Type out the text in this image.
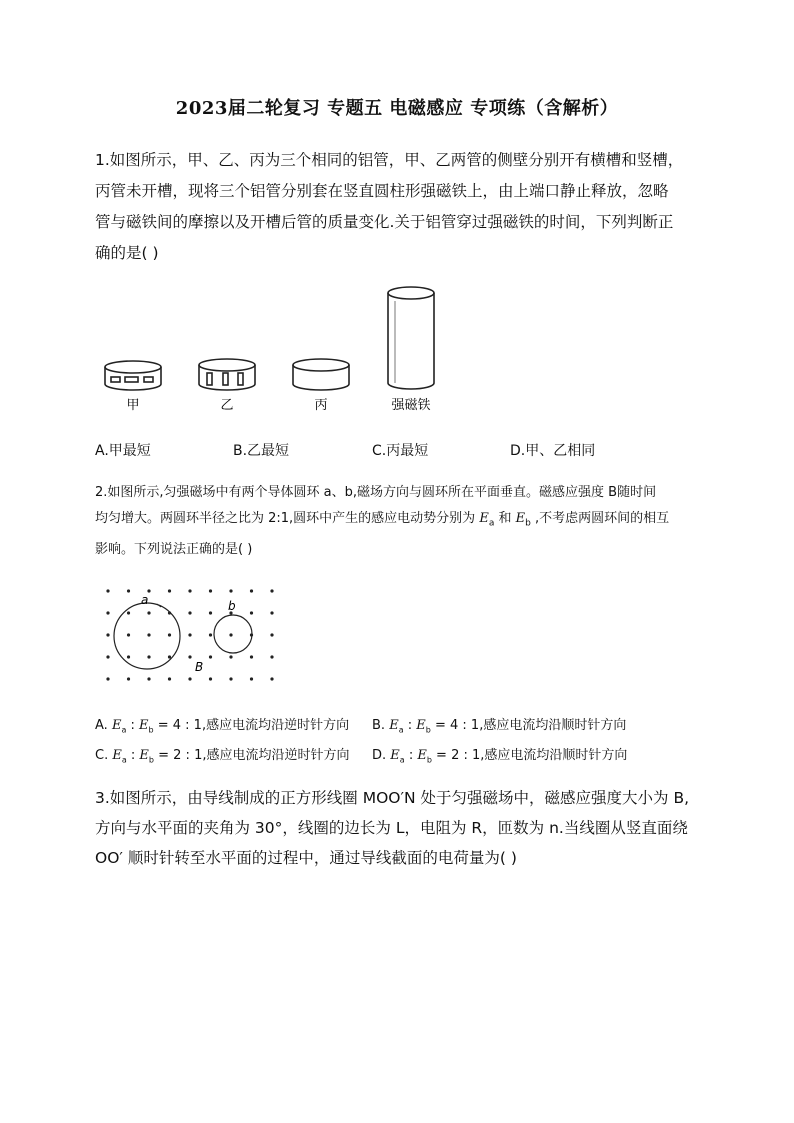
2023届二轮复习 专题五 电磁感应 专项练（含解析）
1.如图所示，甲、乙、丙为三个相同的铝管，甲、乙两管的侧壁分别开有横槽和竖槽，
丙管未开槽，现将三个铝管分别套在竖直圆柱形强磁铁上，由上端口静止释放，忽略
管与磁铁间的摩擦以及开槽后管的质量变化.关于铝管穿过强磁铁的时间，下列判断正
确的是( )
甲	乙	丙	强磁铁
A.甲最短	B.乙最短	C.丙最短	D.甲、乙相同
2.如图所示,匀强磁场中有两个导体圆环 a、b,磁场方向与圆环所在平面垂直。磁感应强度 B随时间
均匀增大。两圆环半径之比为 2:1,圆环中产生的感应电动势分别为 $E_a$ 和 $E_b$ ,不考虑两圆环间的相互
影响。下列说法正确的是( )
a	b
B
A. $E_a$ : $E_b = 4$ : 1,感应电流均沿逆时针方向 B. $E_a$ : $E_b = 4$ : 1,感应电流均沿顺时针方向
C. $E_a$ : $E_b = 2$ : 1,感应电流均沿逆时针方向 D. $E_a$ : $E_b = 2$ : 1,感应电流均沿顺时针方向
3.如图所示，由导线制成的正方形线圈 MOO′N 处于匀强磁场中，磁感应强度大小为 B,
方向与水平面的夹角为 30°，线圈的边长为 L，电阻为 R，匝数为 n.当线圈从竖直面绕
OO′ 顺时针转至水平面的过程中，通过导线截面的电荷量为( )
